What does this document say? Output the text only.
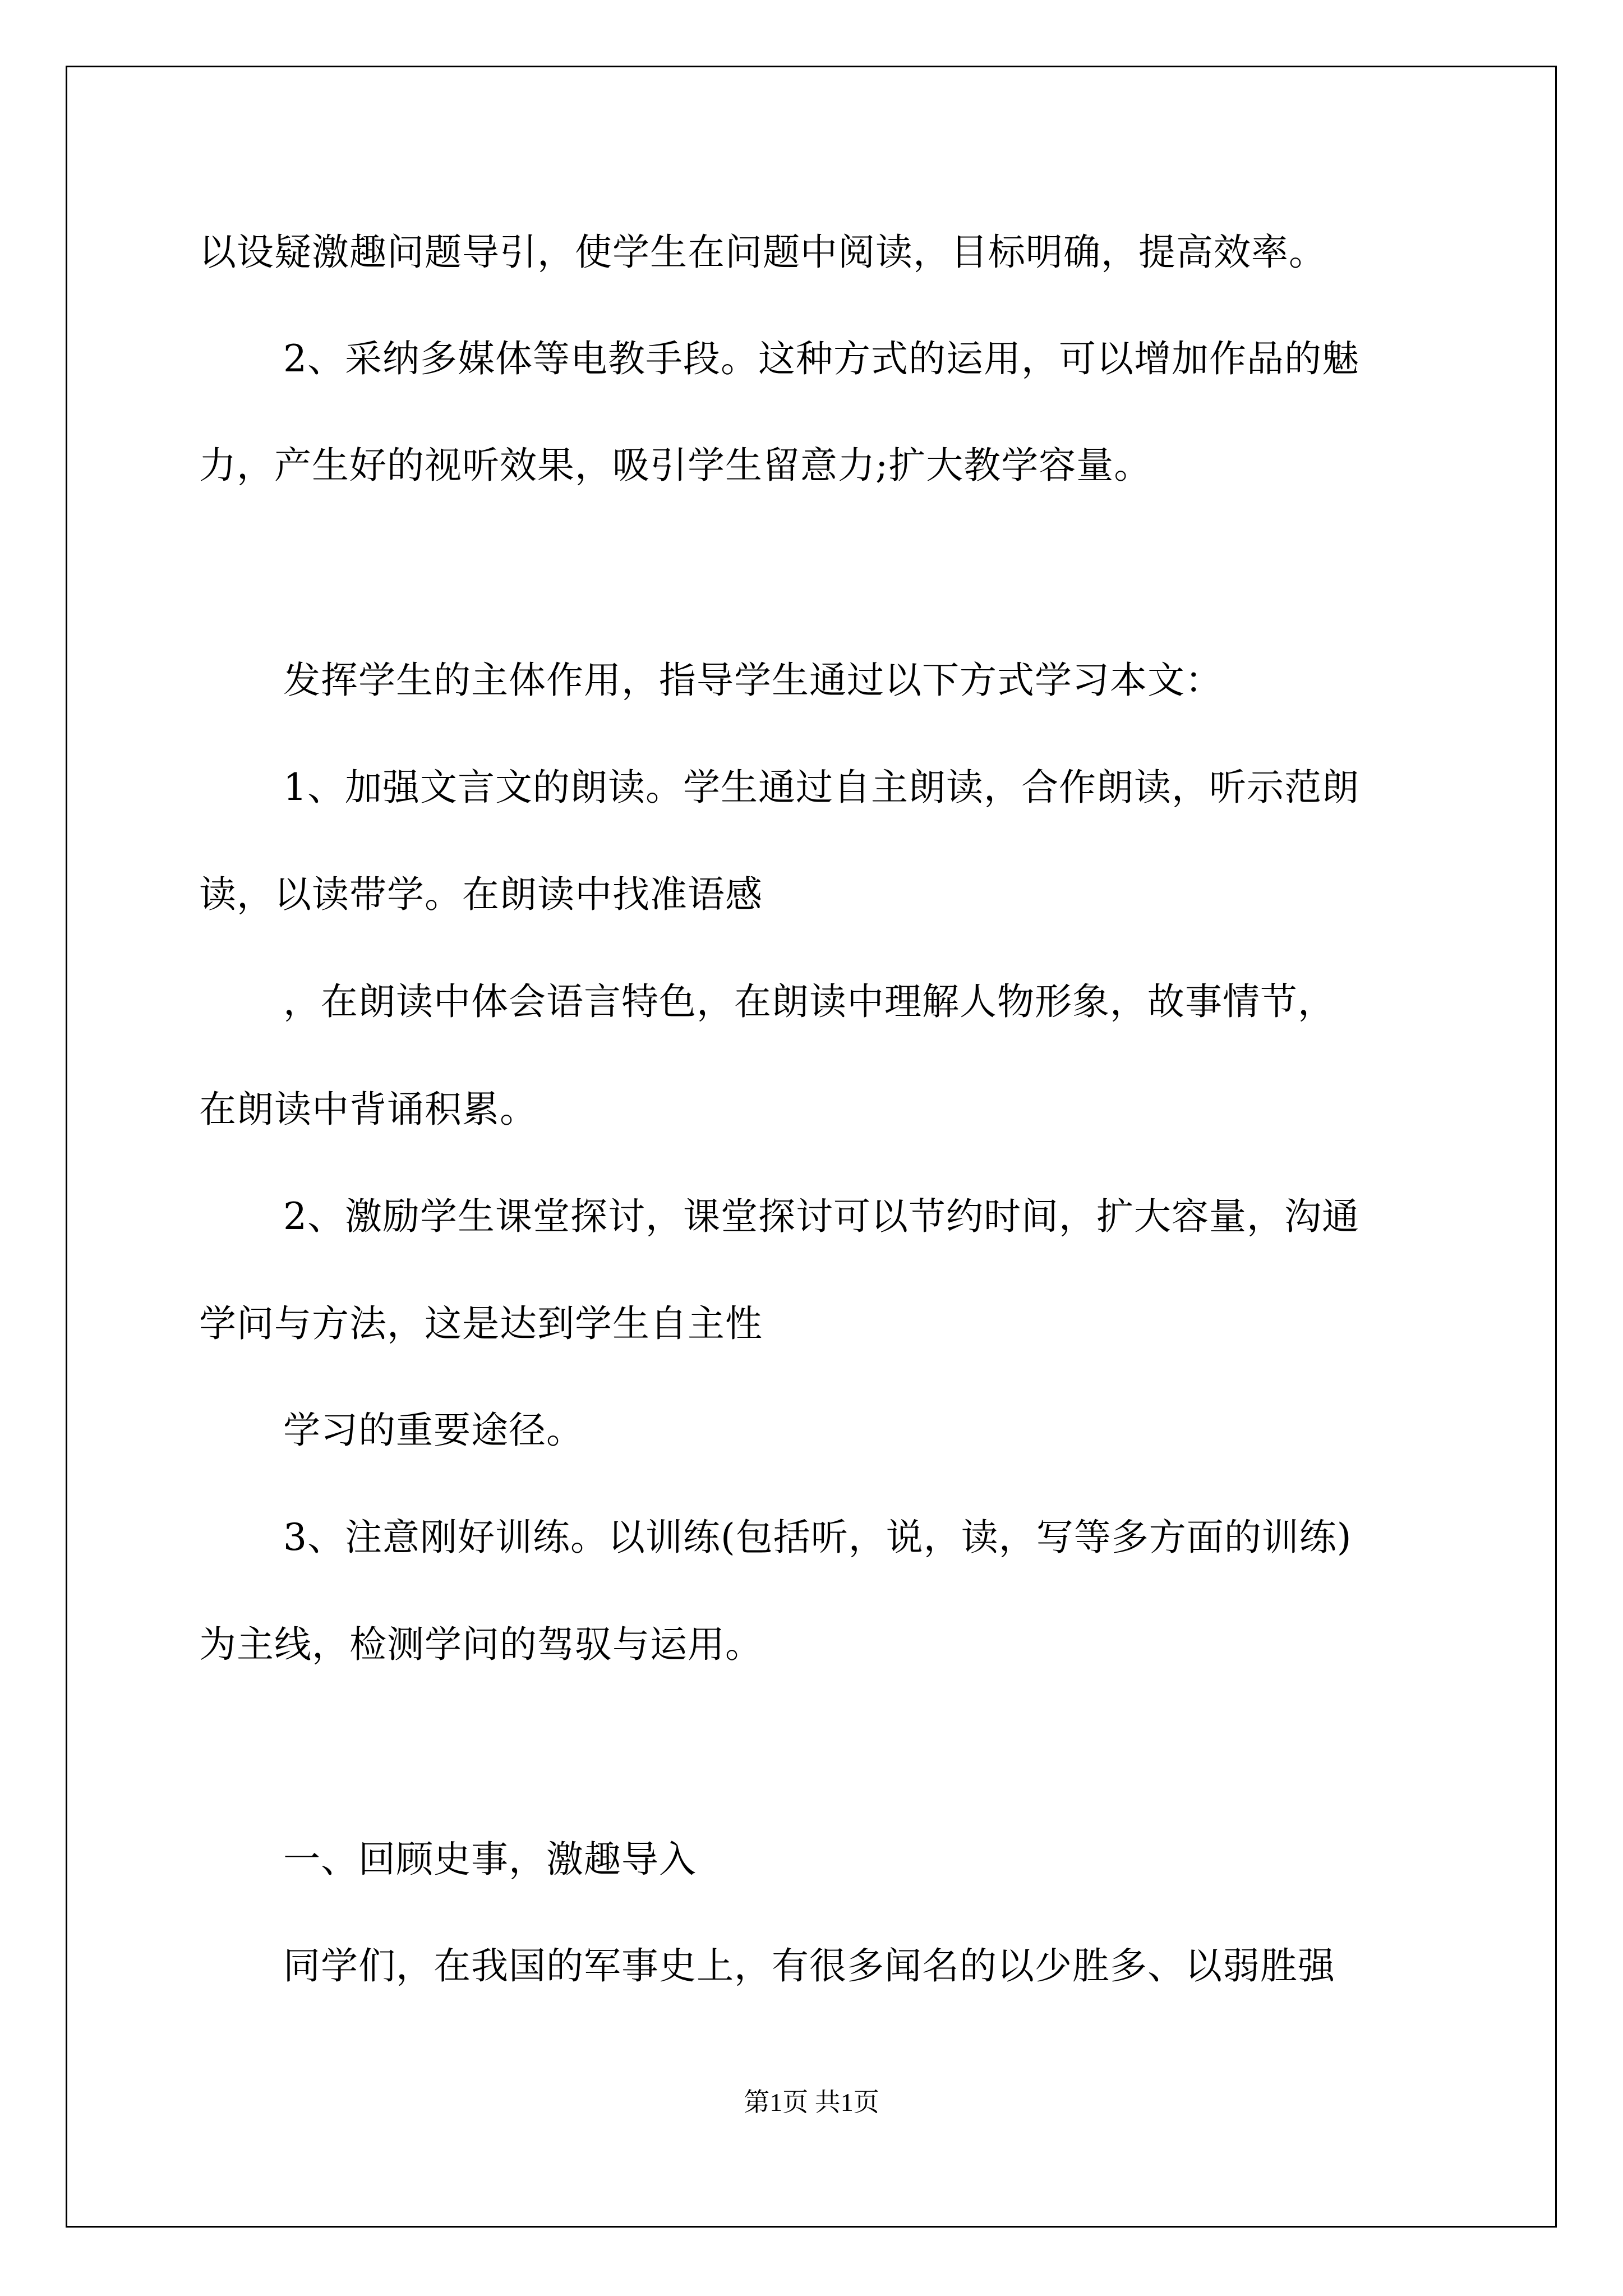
以设疑激趣问题导引，使学生在问题中阅读，目标明确，提高效率。
2、采纳多媒体等电教手段。这种方式的运用，可以增加作品的魅
力，产生好的视听效果，吸引学生留意力;扩大教学容量。
发挥学生的主体作用，指导学生通过以下方式学习本文：
1、加强文言文的朗读。学生通过自主朗读，合作朗读，听示范朗
读，以读带学。在朗读中找准语感
，在朗读中体会语言特色，在朗读中理解人物形象，故事情节，
在朗读中背诵积累。
2、激励学生课堂探讨，课堂探讨可以节约时间，扩大容量，沟通
学问与方法，这是达到学生自主性
学习的重要途径。
3、注意刚好训练。以训练(包括听，说，读，写等多方面的训练)
为主线，检测学问的驾驭与运用。
一、回顾史事，激趣导入
同学们，在我国的军事史上，有很多闻名的以少胜多、以弱胜强
第1页 共1页
